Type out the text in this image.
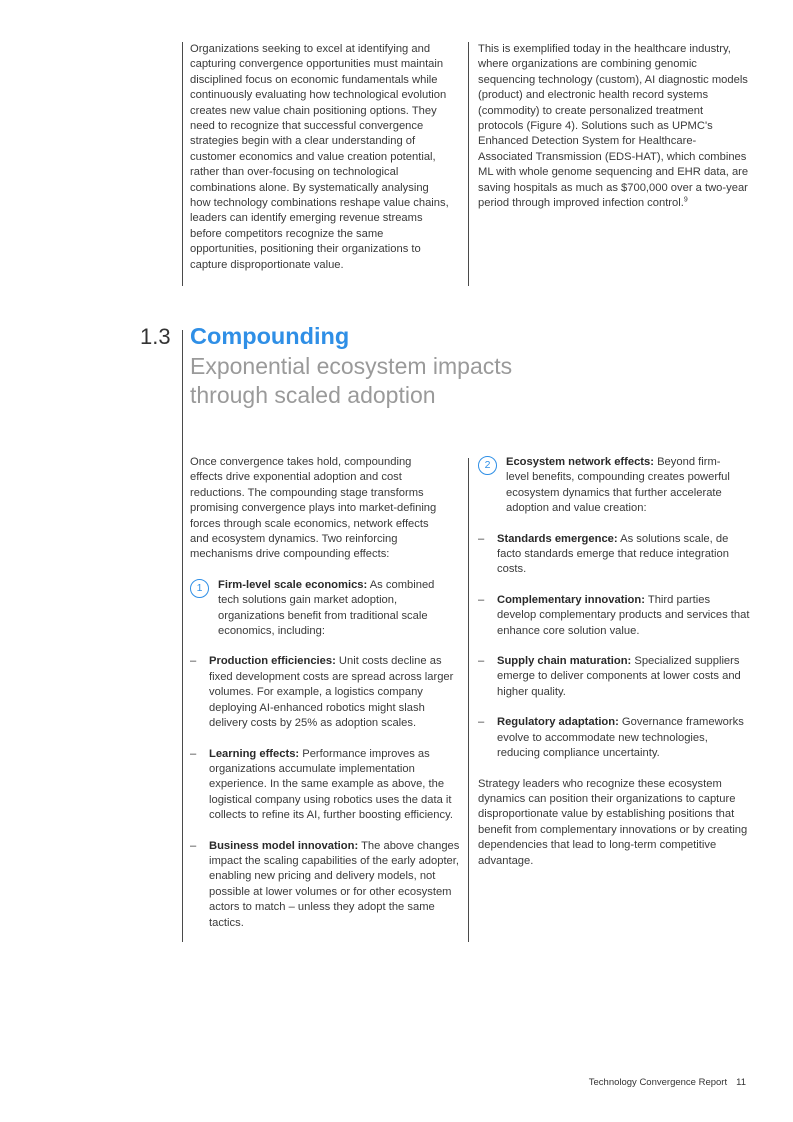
Organizations seeking to excel at identifying and capturing convergence opportunities must maintain disciplined focus on economic fundamentals while continuously evaluating how technological evolution creates new value chain positioning options. They need to recognize that successful convergence strategies begin with a clear understanding of customer economics and value creation potential, rather than over-focusing on technological combinations alone. By systematically analysing how technology combinations reshape value chains, leaders can identify emerging revenue streams before competitors recognize the same opportunities, positioning their organizations to capture disproportionate value.

This is exemplified today in the healthcare industry, where organizations are combining genomic sequencing technology (custom), AI diagnostic models (product) and electronic health record systems (commodity) to create personalized treatment protocols (Figure 4). Solutions such as UPMC's Enhanced Detection System for Healthcare-Associated Transmission (EDS-HAT), which combines ML with whole genome sequencing and EHR data, are saving hospitals as much as $700,000 over a two-year period through improved infection control.$^9$

1.3 Compounding
Exponential ecosystem impacts through scaled adoption

Once convergence takes hold, compounding effects drive exponential adoption and cost reductions. The compounding stage transforms promising convergence plays into market-defining forces through scale economics, network effects and ecosystem dynamics. Two reinforcing mechanisms drive compounding effects:

1	Firm-level scale economics: As combined tech solutions gain market adoption, organizations benefit from traditional scale economics, including:
–	Production efficiencies: Unit costs decline as fixed development costs are spread across larger volumes. For example, a logistics company deploying AI-enhanced robotics might slash delivery costs by 25% as adoption scales.
–	Learning effects: Performance improves as organizations accumulate implementation experience. In the same example as above, the logistical company using robotics uses the data it collects to refine its AI, further boosting efficiency.
–	Business model innovation: The above changes impact the scaling capabilities of the early adopter, enabling new pricing and delivery models, not possible at lower volumes or for other ecosystem actors to match – unless they adopt the same tactics.
2	Ecosystem network effects: Beyond firm-level benefits, compounding creates powerful ecosystem dynamics that further accelerate adoption and value creation:
–	Standards emergence: As solutions scale, de facto standards emerge that reduce integration costs.
–	Complementary innovation: Third parties develop complementary products and services that enhance core solution value.
–	Supply chain maturation: Specialized suppliers emerge to deliver components at lower costs and higher quality.
–	Regulatory adaptation: Governance frameworks evolve to accommodate new technologies, reducing compliance uncertainty.

Strategy leaders who recognize these ecosystem dynamics can position their organizations to capture disproportionate value by establishing positions that benefit from complementary innovations or by creating dependencies that lead to long-term competitive advantage.

Technology Convergence Report 11
